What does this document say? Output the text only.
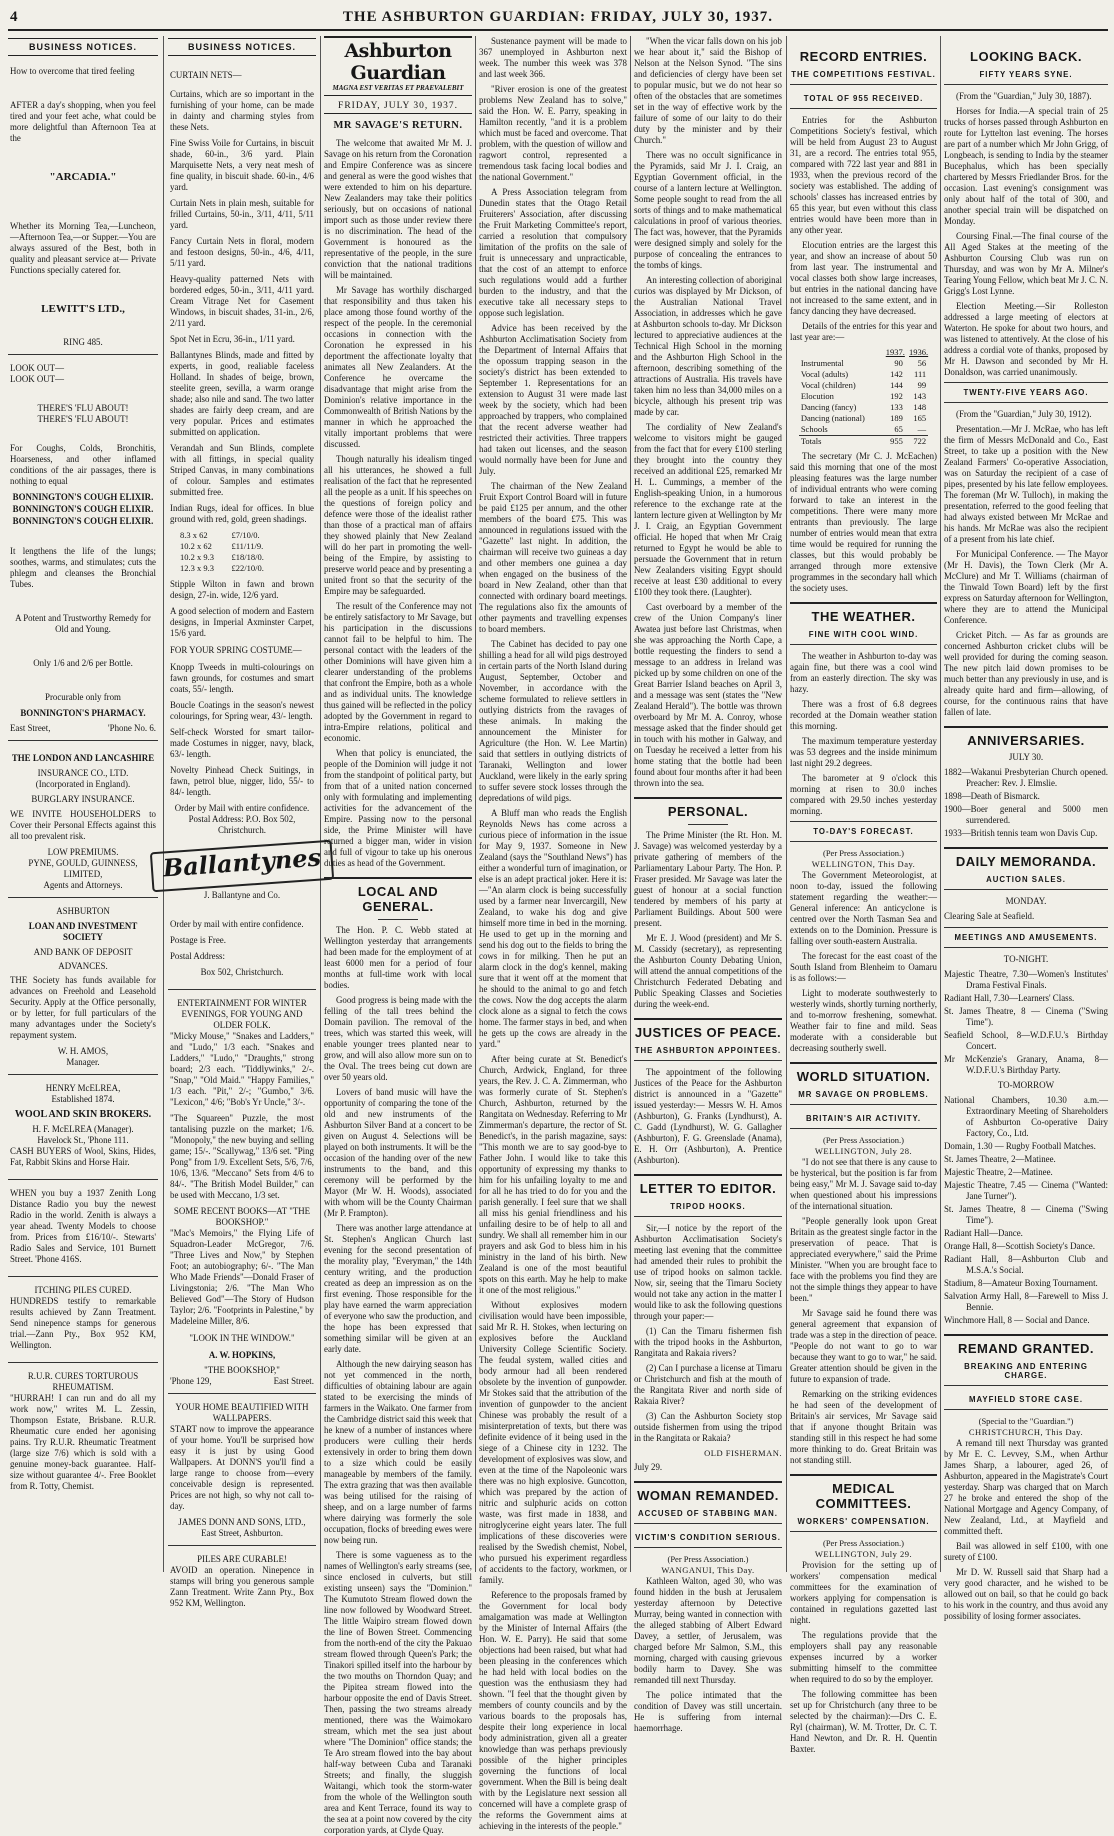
4	THE ASHBURTON GUARDIAN: FRIDAY, JULY 30, 1937.
BUSINESS NOTICES.

How to overcome that tired feeling

AFTER a day's shopping, when you feel tired and your feet ache, what could be more delightful than Afternoon Tea at the

"ARCADIA."

Whether its Morning Tea,—Luncheon, —Afternoon Tea,—or Supper.—You are always assured of the Best, both in quality and pleasant service at— Private Functions specially catered for.

LEWITT'S LTD.,
RING 485.
LOOK OUT—
LOOK OUT—
THERE'S 'FLU ABOUT!
THERE'S 'FLU ABOUT!

For Coughs, Colds, Bronchitis, Hoarseness, and other inflamed conditions of the air passages, there is nothing to equal

BONNINGTON'S COUGH ELIXIR.
BONNINGTON'S COUGH ELIXIR.
BONNINGTON'S COUGH ELIXIR.

It lengthens the life of the lungs; soothes, warms, and stimulates; cuts the phlegm and cleanses the Bronchial Tubes.

A Potent and Trustworthy Remedy for Old and Young.

Only 1/6 and 2/6 per Bottle.

Procurable only from

BONNINGTON'S PHARMACY.
East Street,	'Phone No. 6.
THE LONDON AND LANCASHIRE
INSURANCE CO., LTD.
(Incorporated in England).
BURGLARY INSURANCE.

WE INVITE HOUSEHOLDERS to Cover their Personal Effects against this all too prevalent risk.

LOW PREMIUMS.
PYNE, GOULD, GUINNESS, LIMITED,
Agents and Attorneys.
ASHBURTON
LOAN AND INVESTMENT SOCIETY
AND BANK OF DEPOSIT
ADVANCES.

THE Society has funds available for advances on Freehold and Leasehold Security. Apply at the Office personally, or by letter, for full particulars of the many advantages under the Society's repayment system.

W. H. AMOS,
Manager.
HENRY McELREA,
Established 1874.
WOOL AND SKIN BROKERS.
H. F. McELREA (Manager).
Havelock St., 'Phone 111.

CASH BUYERS of Wool, Skins, Hides, Fat, Rabbit Skins and Horse Hair.

WHEN you buy a 1937 Zenith Long Distance Radio you buy the newest Radio in the world. Zenith is always a year ahead. Twenty Models to choose from. Prices from £16/10/-. Stewarts' Radio Sales and Service, 101 Burnett Street. 'Phone 416S.

ITCHING PILES CURED.

HUNDREDS testify to remarkable results achieved by Zann Treatment. Send ninepence stamps for generous trial.—Zann Pty., Box 952 KM, Wellington.

R.U.R. CURES TORTUROUS RHEUMATISM.

"HURRAH! I can run and do all my work now," writes M. L. Zessin, Thompson Estate, Brisbane. R.U.R. Rheumatic cure ended her agonising pains. Try R.U.R. Rheumatic Treatment (large size 7/6) which is sold with a genuine money-back guarantee. Half-size without guarantee 4/-. Free Booklet from R. Totty, Chemist.

BUSINESS NOTICES.
CURTAIN NETS—

Curtains, which are so important in the furnishing of your home, can be made in dainty and charming styles from these Nets.

Fine Swiss Voile for Curtains, in biscuit shade, 60-in., 3/6 yard. Plain Marquisette Nets, a very neat mesh of fine quality, in biscuit shade. 60-in., 4/6 yard.

Curtain Nets in plain mesh, suitable for frilled Curtains, 50-in., 3/11, 4/11, 5/11 yard.

Fancy Curtain Nets in floral, modern and festoon designs, 50-in., 4/6, 4/11, 5/11 yard.

Heavy-quality patterned Nets with bordered edges, 50-in., 3/11, 4/11 yard. Cream Vitrage Net for Casement Windows, in biscuit shades, 31-in., 2/6, 2/11 yard.

Spot Net in Ecru, 36-in., 1/11 yard.

Ballantynes Blinds, made and fitted by experts, in good, realiable faceless Holland. In shades of beige, brown, steelite green, sevilla, a warm orange shade; also nile and sand. The two latter shades are fairly deep cream, and are very popular. Prices and estimates submitted on application.

Verandah and Sun Blinds, complete with all fittings, in special quality Striped Canvas, in many combinations of colour. Samples and estimates submitted free.

Indian Rugs, ideal for offices. In blue ground with red, gold, green shadings.

8.3 x 62	£7/10/0.
10.2 x 62	£11/11/9.
10.2 x 9.3	£18/18/0.
12.3 x 9.3	£22/10/0.

Stipple Wilton in fawn and brown design, 27-in. wide, 12/6 yard.

A good selection of modern and Eastern designs, in Imperial Axminster Carpet, 15/6 yard.

FOR YOUR SPRING COSTUME—

Knopp Tweeds in multi-colourings on fawn grounds, for costumes and smart coats, 55/- length.

Boucle Coatings in the season's newest colourings, for Spring wear, 43/- length.

Self-check Worsted for smart tailor-made Costumes in nigger, navy, black, 63/- length.

Novelty Pinhead Check Suitings, in fawn, petrol blue, nigger, lido, 55/- to 84/- length.

Order by Mail with entire confidence. Postal Address: P.O. Box 502, Christchurch.

Ballantynes
J. Ballantyne and Co.

Order by mail with entire confidence.

Postage is Free.

Postal Address:

Box 502, Christchurch.

ENTERTAINMENT FOR WINTER EVENINGS, FOR YOUNG AND OLDER FOLK.

"Micky Mouse," "Snakes and Ladders," and "Ludo," 1/3 each. "Snakes and Ladders," "Ludo," "Draughts," strong board; 2/3 each. "Tiddlywinks," 2/-. "Snap," "Old Maid." "Happy Families," 1/3 each. "Pit," 2/-; "Gumbo," 3/6. "Lexicon," 4/6; "Bob's Yr Uncle," 3/-.

"The Squareen" Puzzle, the most tantalising puzzle on the market; 1/6. "Monopoly," the new buying and selling game; 15/-. "Scallywag," 13/6 set. "Ping Pong" from 1/9. Excellent Sets, 5/6, 7/6, 10/6, 13/6. "Meccano" Sets from 4/6 to 84/-. "The British Model Builder," can be used with Meccano, 1/3 set.

SOME RECENT BOOKS—AT "THE BOOKSHOP."

"Mac's Memoirs," the Flying Life of Squadron-Leader McGregor, 7/6. "Three Lives and Now," by Stephen Foot; an autobiography; 6/-. "The Man Who Made Friends"—Donald Fraser of Livingstonia; 2/6. "The Man Who Believed God"—The Story of Hudson Taylor; 2/6. "Footprints in Palestine," by Madeleine Miller, 8/6.

"LOOK IN THE WINDOW."
A. W. HOPKINS,
"THE BOOKSHOP,"
'Phone 129,	East Street.
YOUR HOME BEAUTIFIED WITH WALLPAPERS.

START now to improve the appearance of your home. You'll be surprised how easy it is just by using Good Wallpapers. At DONN'S you'll find a large range to choose from—every conceivable design is represented. Prices are not high, so why not call to-day.

JAMES DONN AND SONS, LTD.,
East Street, Ashburton.
PILES ARE CURABLE!

AVOID an operation. Ninepence in stamps will bring you generous sample Zann Treatment. Write Zann Pty., Box 952 KM, Wellington.

Ashburton Guardian
MAGNA EST VERITAS ET PRAEVALEBIT
FRIDAY, JULY 30, 1937.
MR SAVAGE'S RETURN.

The welcome that awaited Mr M. J. Savage on his return from the Coronation and Empire Conference was as sincere and general as were the good wishes that were extended to him on his departure. New Zealanders may take their politics seriously, but on occasions of national import such as those under review there is no discrimination. The head of the Government is honoured as the representative of the people, in the sure conviction that the national traditions will be maintained.

Mr Savage has worthily discharged that responsibility and thus taken his place among those found worthy of the respect of the people. In the ceremonial occasions in connection with the Coronation he expressed in his deportment the affectionate loyalty that animates all New Zealanders. At the Conference he overcame the disadvantage that might arise from the Dominion's relative importance in the Commonwealth of British Nations by the manner in which he approached the vitally important problems that were discussed.

Though naturally his idealism tinged all his utterances, he showed a full realisation of the fact that he represented all the people as a unit. If his speeches on the questions of foreign policy and defence were those of the idealist rather than those of a practical man of affairs they showed plainly that New Zealand will do her part in promoting the well-being of the Empire, by assisting to preserve world peace and by presenting a united front so that the security of the Empire may be safeguarded.

The result of the Conference may not be entirely satisfactory to Mr Savage, but his participation in the discussions cannot fail to be helpful to him. The personal contact with the leaders of the other Dominions will have given him a clearer understanding of the problems that confront the Empire, both as a whole and as individual units. The knowledge thus gained will be reflected in the policy adopted by the Government in regard to intra-Empire relations, political and economic.

When that policy is enunciated, the people of the Dominion will judge it not from the standpoint of political party, but from that of a united nation concerned only with formulating and implementing activities for the advancement of the Empire. Passing now to the personal side, the Prime Minister will have returned a bigger man, wider in vision and full of vigour to take up his onerous duties as head of the Government.

LOCAL AND GENERAL.

The Hon. P. C. Webb stated at Wellington yesterday that arrangements had been made for the employment of at least 6000 men for a period of four months at full-time work with local bodies.

Good progress is being made with the felling of the tall trees behind the Domain pavilion. The removal of the trees, which was started this week, will enable younger trees planted near to grow, and will also allow more sun on to the Oval. The trees being cut down are over 50 years old.

Lovers of band music will have the opportunity of comparing the tone of the old and new instruments of the Ashburton Silver Band at a concert to be given on August 4. Selections will be played on both instruments. It will be the occasion of the handing over of the new instruments to the band, and this ceremony will be performed by the Mayor (Mr W. H. Woods), associated with whom will be the County Chairman (Mr P. Frampton).

There was another large attendance at St. Stephen's Anglican Church last evening for the second presentation of the morality play, "Everyman," the 14th century writing, and the production created as deep an impression as on the first evening. Those responsible for the play have earned the warm appreciation of everyone who saw the production, and the hope has been expressed that something similar will be given at an early date.

Although the new dairying season has not yet commenced in the north, difficulties of obtaining labour are again stated to be exercising the minds of farmers in the Waikato. One farmer from the Cambridge district said this week that he knew of a number of instances where producers were culling their herds extensively in order to bring them down to a size which could be easily manageable by members of the family. The extra grazing that was then available was being utilised for the raising of sheep, and on a large number of farms where dairying was formerly the sole occupation, flocks of breeding ewes were now being run.

There is some vagueness as to the names of Wellington's early streams (see, since enclosed in culverts, but still existing unseen) says the "Dominion." The Kumutoto Stream flowed down the line now followed by Woodward Street. The little Waipiro stream flowed down the line of Bowen Street. Commencing from the north-end of the city the Pakuao stream flowed through Queen's Park; the Tinakori spilled itself into the harbour by the two mouths on Thorndon Quay; and the Pipitea stream flowed into the harbour opposite the end of Davis Street. Then, passing the two streams already mentioned, there was the Waimokaro stream, which met the sea just about where "The Dominion" office stands; the Te Aro stream flowed into the bay about half-way between Cuba and Taranaki Streets; and finally, the sluggish Waitangi, which took the storm-water from the whole of the Wellington south area and Kent Terrace, found its way to the sea at a point now covered by the city corporation yards, at Clyde Quay.

Sustenance payment will be made to 367 unemployed in Ashburton next week. The number this week was 378 and last week 366.

"River erosion is one of the greatest problems New Zealand has to solve," said the Hon. W. E. Parry, speaking in Hamilton recently, "and it is a problem which must be faced and overcome. That problem, with the question of willow and ragwort control, represented a tremendous task facing local bodies and the national Government."

A Press Association telegram from Dunedin states that the Otago Retail Fruiterers' Association, after discussing the Fruit Marketing Committee's report, carried a resolution that compulsory limitation of the profits on the sale of fruit is unnecessary and unpracticable, that the cost of an attempt to enforce such regulations would add a further burden to the industry, and that the executive take all necessary steps to oppose such legislation.

Advice has been received by the Ashburton Acclimatisation Society from the Department of Internal Affairs that the opossum trapping season in the society's district has been extended to September 1. Representations for an extension to August 31 were made last week by the society, which had been approached by trappers, who complained that the recent adverse weather had restricted their activities. Three trappers had taken out licenses, and the season would normally have been for June and July.

The chairman of the New Zealand Fruit Export Control Board will in future be paid £125 per annum, and the other members of the board £75. This was announced in regulations issued with the "Gazette" last night. In addition, the chairman will receive two guineas a day and other members one guinea a day when engaged on the business of the board in New Zealand, other than that connected with ordinary board meetings. The regulations also fix the amounts of other payments and travelling expenses to board members.

The Cabinet has decided to pay one shilling a head for all wild pigs destroyed in certain parts of the North Island during August, September, October and November, in accordance with the scheme formulated to relieve settlers in outlying districts from the ravages of these animals. In making the announcement the Minister for Agriculture (the Hon. W. Lee Martin) said that settlers in outlying districts of Taranaki, Wellington and lower Auckland, were likely in the early spring to suffer severe stock losses through the depredations of wild pigs.

A Bluff man who reads the English Reynolds News has come across a curious piece of information in the issue for May 9, 1937. Someone in New Zealand (says the "Southland News") has either a wonderful turn of imagination, or else is an adept practical joker. Here it is:—"An alarm clock is being successfully used by a farmer near Invercargill, New Zealand, to wake his dog and give himself more time in bed in the morning. He used to get up in the morning and send his dog out to the fields to bring the cows in for milking. Then he put an alarm clock in the dog's kennel, making sure that it went off at the moment that he should to the animal to go and fetch the cows. Now the dog accepts the alarm clock alone as a signal to fetch the cows home. The farmer stays in bed, and when he gets up the cows are already in the yard."

After being curate at St. Benedict's Church, Ardwick, England, for three years, the Rev. J. C. A. Zimmerman, who was formerly curate of St. Stephen's Church, Ashburton, returned by the Rangitata on Wednesday. Referring to Mr Zimmerman's departure, the rector of St. Benedict's, in the parish magazine, says: "This month we are to say good-bye to Father John. I would like to take this opportunity of expressing my thanks to him for his unfailing loyalty to me and for all he has tried to do for you and the parish generally. I feel sure that we shall all miss his genial friendliness and his unfailing desire to be of help to all and sundry. We shall all remember him in our prayers and ask God to bless him in his ministry in the land of his birth. New Zealand is one of the most beautiful spots on this earth. May he help to make it one of the most religious."

Without explosives modern civilisation would have been impossible, said Mr R. H. Stokes, when lecturing on explosives before the Auckland University College Scientific Society. The feudal system, walled cities and body armour had all been rendered obsolete by the invention of gunpowder. Mr Stokes said that the attribution of the invention of gunpowder to the ancient Chinese was probably the result of a misinterpretation of texts, but there was definite evidence of it being used in the siege of a Chinese city in 1232. The development of explosives was slow, and even at the time of the Napoleonic wars there was no high explosive. Guncotton, which was prepared by the action of nitric and sulphuric acids on cotton waste, was first made in 1838, and nitroglycerine eight years later. The full implications of these discoveries were realised by the Swedish chemist, Nobel, who pursued his experiment regardless of accidents to the factory, workmen, or family.

Reference to the proposals framed by the Government for local body amalgamation was made at Wellington by the Minister of Internal Affairs (the Hon. W. E. Parry). He said that some objections had been raised, but what had been pleasing in the conferences which he had held with local bodies on the question was the enthusiasm they had shown. "I feel that the thought given by members of county councils and by the various boards to the proposals has, despite their long experience in local body administration, given all a greater knowledge than was perhaps previously possible of the higher principles governing the functions of local government. When the Bill is being dealt with by the Legislature next session all concerned will have a complete grasp of the reforms the Government aims at achieving in the interests of the people."

"When the vicar falls down on his job we hear about it," said the Bishop of Nelson at the Nelson Synod. "The sins and deficiencies of clergy have been set to popular music, but we do not hear so often of the obstacles that are sometimes set in the way of effective work by the failure of some of our laity to do their duty by the minister and by their Church."

There was no occult significance in the Pyramids, said Mr J. I. Craig, an Egyptian Government official, in the course of a lantern lecture at Wellington. Some people sought to read from the all sorts of things and to make mathematical calculations in proof of various theories. The fact was, however, that the Pyramids were designed simply and solely for the purpose of concealing the entrances to the tombs of kings.

An interesting collection of aboriginal curios was displayed by Mr Dickson, of the Australian National Travel Association, in addresses which he gave at Ashburton schools to-day. Mr Dickson lectured to appreciative audiences at the Technical High School in the morning and the Ashburton High School in the afternoon, describing something of the attractions of Australia. His travels have taken him no less than 34,000 miles on a bicycle, although his present trip was made by car.

The cordiality of New Zealand's welcome to visitors might be gauged from the fact that for every £100 sterling they brought into the country they received an additional £25, remarked Mr H. L. Cummings, a member of the English-speaking Union, in a humorous reference to the exchange rate at the lantern lecture given at Wellington by Mr J. I. Craig, an Egyptian Government official. He hoped that when Mr Craig returned to Egypt he would be able to persuade the Government that in return New Zealanders visiting Egypt should receive at least £30 additional to every £100 they took there. (Laughter).

Cast overboard by a member of the crew of the Union Company's liner Awatea just before last Christmas, when she was approaching the North Cape, a bottle requesting the finders to send a message to an address in Ireland was picked up by some children on one of the Great Barrier Island beaches on April 3, and a message was sent (states the "New Zealand Herald"). The bottle was thrown overboard by Mr M. A. Conroy, whose message asked that the finder should get in touch with his mother in Galway, and on Tuesday he received a letter from his home stating that the bottle had been found about four months after it had been thrown into the sea.

PERSONAL.

The Prime Minister (the Rt. Hon. M. J. Savage) was welcomed yesterday by a private gathering of members of the Parliamentary Labour Party. The Hon. P. Fraser presided. Mr Savage was later the guest of honour at a social function tendered by members of his party at Parliament Buildings. About 500 were present.

Mr E. J. Wood (president) and Mr S. M. Cassidy (secretary), as representing the Ashburton County Debating Union, will attend the annual competitions of the Christchurch Federated Debating and Public Speaking Classes and Societies during the week-end.

JUSTICES OF PEACE.
THE ASHBURTON APPOINTEES.

The appointment of the following Justices of the Peace for the Ashburton district is announced in a "Gazette" issued yesterday:— Messrs W. H. Amos (Ashburton), G. Franks (Lyndhurst), A. C. Gadd (Lyndhurst), W. G. Gallagher (Ashburton), F. G. Greenslade (Anama), E. H. Orr (Ashburton), A. Prentice (Ashburton).

LETTER TO EDITOR.
TRIPOD HOOKS.

Sir,—I notice by the report of the Ashburton Acclimatisation Society's meeting last evening that the committee had amended their rules to prohibit the use of tripod hooks on salmon tackle. Now, sir, seeing that the Timaru Society would not take any action in the matter I would like to ask the following questions through your paper:—

(1) Can the Timaru fishermen fish with the tripod hooks in the Ashburton, Rangitata and Rakaia rivers?

(2) Can I purchase a license at Timaru or Christchurch and fish at the mouth of the Rangitata River and north side of Rakaia River?

(3) Can the Ashburton Society stop outside fishermen from using the tripod in the Rangitata or Rakaia?

OLD FISHERMAN.
July 29.
WOMAN REMANDED.
ACCUSED OF STABBING MAN.
VICTIM'S CONDITION SERIOUS.
(Per Press Association.)
WANGANUI, This Day.

Kathleen Walton, aged 30, who was found hidden in the bush at Jerusalem yesterday afternoon by Detective Murray, being wanted in connection with the alleged stabbing of Albert Edward Davey, a settler, of Jerusalem, was charged before Mr Salmon, S.M., this morning, charged with causing grievous bodily harm to Davey. She was remanded till next Thursday.

The police intimated that the condition of Davey was still uncertain. He is suffering from internal haemorrhage.

RECORD ENTRIES.
THE COMPETITIONS FESTIVAL.
TOTAL OF 955 RECEIVED.

Entries for the Ashburton Competitions Society's festival, which will be held from August 23 to August 31, are a record. The entries total 955, compared with 722 last year and 881 in 1933, when the previous record of the society was established. The adding of schools' classes has increased entries by 65 this year, but even without this class entries would have been more than in any other year.

Elocution entries are the largest this year, and show an increase of about 50 from last year. The instrumental and vocal classes both show large increases, but entries in the national dancing have not increased to the same extent, and in fancy dancing they have decreased.

Details of the entries for this year and last year are:—

	1937.	1936.
Instrumental	90	56
Vocal (adults)	142	111
Vocal (children)	144	99
Elocution	192	143
Dancing (fancy)	133	148
Dancing (national)	189	165
Schools	65	—
Totals	955	722

The secretary (Mr C. J. McEachen) said this morning that one of the most pleasing features was the large number of individual entrants who were coming forward to take an interest in the competitions. There were many more entrants than previously. The large number of entries would mean that extra time would be required for running the classes, but this would probably be arranged through more extensive programmes in the secondary hall which the society uses.

THE WEATHER.
FINE WITH COOL WIND.

The weather in Ashburton to-day was again fine, but there was a cool wind from an easterly direction. The sky was hazy.

There was a frost of 6.8 degrees recorded at the Domain weather station this morning.

The maximum temperature yesterday was 53 degrees and the inside minimum last night 29.2 degrees.

The barometer at 9 o'clock this morning at risen to 30.0 inches compared with 29.50 inches yesterday morning.

TO-DAY'S FORECAST.
(Per Press Association.)
WELLINGTON, This Day.

The Government Meteorologist, at noon to-day, issued the following statement regarding the weather:— General inference: An anticyclone is centred over the North Tasman Sea and extends on to the Dominion. Pressure is falling over south-eastern Australia.

The forecast for the east coast of the South Island from Blenheim to Oamaru is as follows:—

Light to moderate southwesterly to westerly winds, shortly turning northerly, and to-morrow freshening, somewhat. Weather fair to fine and mild. Seas moderate with a considerable but decreasing southerly swell.

WORLD SITUATION.
MR SAVAGE ON PROBLEMS.
BRITAIN'S AIR ACTIVITY.
(Per Press Association.)
WELLINGTON, July 28.

"I do not see that there is any cause to be hysterical, but the position is far from being easy," Mr M. J. Savage said to-day when questioned about his impressions of the international situation.

"People generally look upon Great Britain as the greatest single factor in the preservation of peace. That is appreciated everywhere," said the Prime Minister. "When you are brought face to face with the problems you find they are not the simple things they appear to have been."

Mr Savage said he found there was general agreement that expansion of trade was a step in the direction of peace. "People do not want to go to war because they want to go to war," he said. Greater attention should be given in the future to expansion of trade.

Remarking on the striking evidences he had seen of the development of Britain's air services, Mr Savage said that if anyone thought Britain was standing still in this respect he had some more thinking to do. Great Britain was not standing still.

MEDICAL COMMITTEES.
WORKERS' COMPENSATION.
(Per Press Association.)
WELLINGTON, July 29.

Provision for the setting up of workers' compensation medical committees for the examination of workers applying for compensation is contained in regulations gazetted last night.

The regulations provide that the employers shall pay any reasonable expenses incurred by a worker submitting himself to the committee when required to do so by the employer.

The following committee has been set up for Christchurch (any three to be selected by the chairman):—Drs C. E. Ryl (chairman), W. M. Trotter, Dr. C. T. Hand Newton, and Dr. R. H. Quentin Baxter.

LOOKING BACK.
FIFTY YEARS SYNE.

(From the "Guardian," July 30, 1887).

Horses for India.—A special train of 25 trucks of horses passed through Ashburton en route for Lyttelton last evening. The horses are part of a number which Mr John Grigg, of Longbeach, is sending to India by the steamer Bucephalus, which has been specially chartered by Messrs Friedlander Bros. for the occasion. Last evening's consignment was only about half of the total of 300, and another special train will be dispatched on Monday.

Coursing Final.—The final course of the All Aged Stakes at the meeting of the Ashburton Coursing Club was run on Thursday, and was won by Mr A. Milner's Tearing Young Fellow, which beat Mr J. C. N. Grigg's Lost Lynne.

Election Meeting.—Sir Rolleston addressed a large meeting of electors at Waterton. He spoke for about two hours, and was listened to attentively. At the close of his address a cordial vote of thanks, proposed by Mr H. Dawson and seconded by Mr H. Donaldson, was carried unanimously.

TWENTY-FIVE YEARS AGO.

(From the "Guardian," July 30, 1912).

Presentation.—Mr J. McRae, who has left the firm of Messrs McDonald and Co., East Street, to take up a position with the New Zealand Farmers' Co-operative Association, was on Saturday the recipient of a case of pipes, presented by his late fellow employees. The foreman (Mr W. Tulloch), in making the presentation, referred to the good feeling that had always existed between Mr McRae and his hands. Mr McRae was also the recipient of a present from his late chief.

For Municipal Conference. — The Mayor (Mr H. Davis), the Town Clerk (Mr A. McClure) and Mr T. Williams (chairman of the Tinwald Town Board) left by the first express on Saturday afternoon for Wellington, where they are to attend the Municipal Conference.

Cricket Pitch. — As far as grounds are concerned Ashburton cricket clubs will be well provided for during the coming season. The new pitch laid down promises to be much better than any previously in use, and is already quite hard and firm—allowing, of course, for the continuous rains that have fallen of late.

ANNIVERSARIES.
JULY 30.
1882—Wakanui Presbyterian Church opened. Preacher: Rev. J. Elmslie.
1898—Death of Bismarck.
1900—Boer general and 5000 men surrendered.
1933—British tennis team won Davis Cup.
DAILY MEMORANDA.
AUCTION SALES.
MONDAY.
Clearing Sale at Seafield.
MEETINGS AND AMUSEMENTS.
TO-NIGHT.
Majestic Theatre, 7.30—Women's Institutes' Drama Festival Finals.
Radiant Hall, 7.30—Learners' Class.
St. James Theatre, 8 — Cinema ("Swing Time").
Seafield School, 8—W.D.F.U.'s Birthday Concert.
Mr McKenzie's Granary, Anama, 8—W.D.F.U.'s Birthday Party.
TO-MORROW
National Chambers, 10.30 a.m.—Extraordinary Meeting of Shareholders of Ashburton Co-operative Dairy Factory, Co., Ltd.
Domain, 1.30 — Rugby Football Matches.
St. James Theatre, 2—Matinee.
Majestic Theatre, 2—Matinee.
Majestic Theatre, 7.45 — Cinema ("Wanted: Jane Turner").
St. James Theatre, 8 — Cinema ("Swing Time").
Radiant Hall—Dance.
Orange Hall, 8—Scottish Society's Dance.
Radiant Hall, 8—Ashburton Club and M.S.A.'s Social.
Stadium, 8—Amateur Boxing Tournament.
Salvation Army Hall, 8—Farewell to Miss J. Bennie.
Winchmore Hall, 8 — Social and Dance.
REMAND GRANTED.
BREAKING AND ENTERING CHARGE.
MAYFIELD STORE CASE.
(Special to the "Guardian.")
CHRISTCHURCH, This Day.

A remand till next Thursday was granted by Mr E. C. Levvey, S.M., when Arthur James Sharp, a labourer, aged 26, of Ashburton, appeared in the Magistrate's Court yesterday. Sharp was charged that on March 27 he broke and entered the shop of the National Mortgage and Agency Company, of New Zealand, Ltd., at Mayfield and committed theft.

Bail was allowed in self £100, with one surety of £100.

Mr D. W. Russell said that Sharp had a very good character, and he wished to be allowed out on bail, so that he could go back to his work in the country, and thus avoid any possibility of losing former associates.
